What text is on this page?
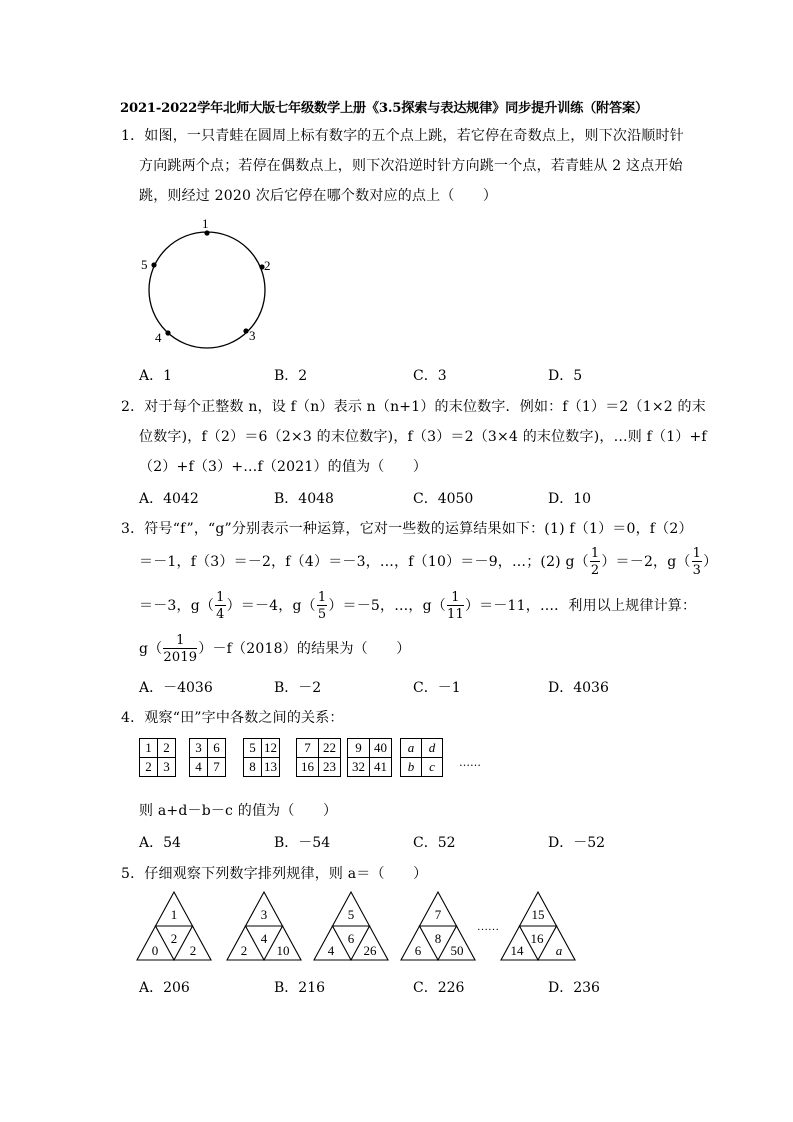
2021-2022学年北师大版七年级数学上册《3.5探索与表达规律》同步提升训练（附答案）
1．如图，一只青蛙在圆周上标有数字的五个点上跳，若它停在奇数点上，则下次沿顺时针
方向跳两个点；若停在偶数点上，则下次沿逆时针方向跳一个点，若青蛙从 2 这点开始
跳，则经过 2020 次后它停在哪个数对应的点上（　　）
1
2
3
4
5
A．1	B．2	C．3	D．5
2．对于每个正整数 n，设 f（n）表示 n（n+1）的末位数字．例如：f（1）＝2（1×2 的末
位数字)，f（2）＝6（2×3 的末位数字)，f（3）＝2（3×4 的末位数字)，…则 f（1）+f
（2）+f（3）+…f（2021）的值为（　　）
A．4042	B．4048	C．4050	D．10
3．符号“f”，“g”分别表示一种运算，它对一些数的运算结果如下：(1) f（1）＝0，f（2）
＝－1，f（3）＝－2，f（4）＝－3，…，f（10）＝－9，…；(2) $g( \frac{1}{2} )=-2$，$g( \frac{1}{3}$ ）
＝－3，$g( \frac{1}{4} )=-4$，$g( \frac{1}{5} )=-5$，…，$g( \frac{1}{11} )=-11$，…．利用以上规律计算：
$g( \frac{1}{2019} )-f(2018)$的结果为（　　）
A．－4036	B．－2	C．－1	D．4036
4．观察“田”字中各数之间的关系：
1	2
2	3
3	6
4	7
5	12
8	13
7	22
16	23
9	40
32	41
a	d
b	c ……
则 a+d－b－c 的值为（　　）
A．54	B．－54	C．52	D．－52
5．仔细观察下列数字排列规律，则 a＝（　　）
1
2
0 2
3
4
2 10
5
6
4 26
7
8
6 50
……
15
16
14 a
A．206	B．216	C．226	D．236
